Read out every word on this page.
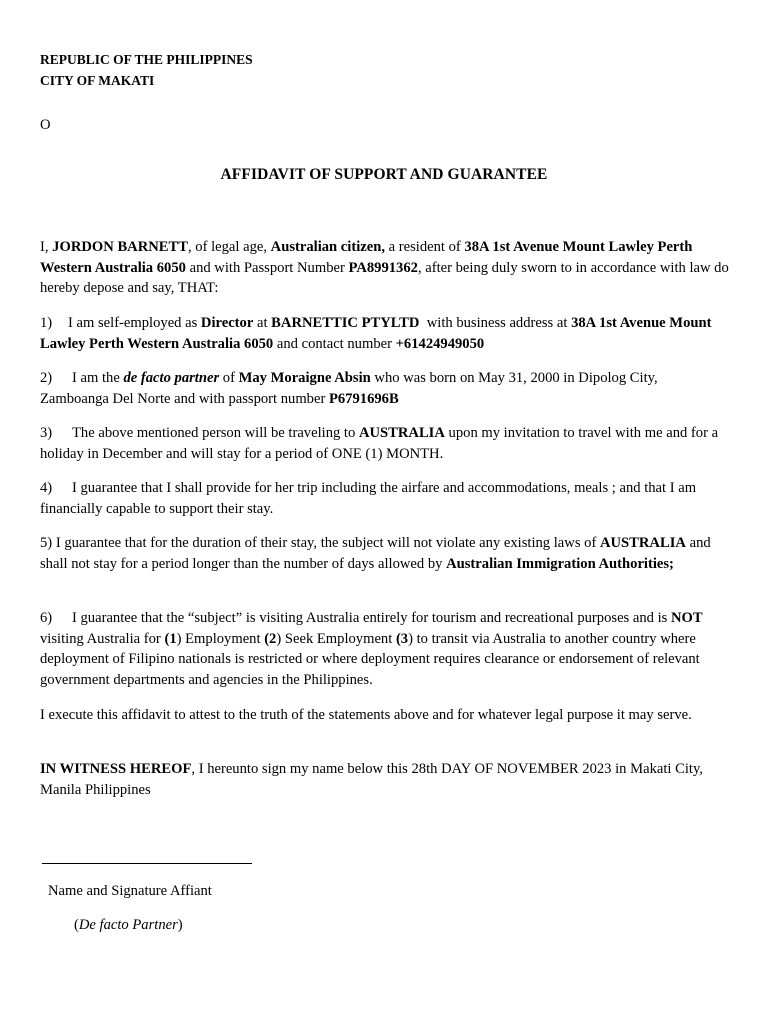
REPUBLIC OF THE PHILIPPINES

CITY OF MAKATI

O

AFFIDAVIT OF SUPPORT AND GUARANTEE

I, JORDON BARNETT, of legal age, Australian citizen, a resident of 38A 1st Avenue Mount Lawley Perth Western Australia 6050 and with Passport Number PA8991362, after being duly sworn to in accordance with law do hereby depose and say, THAT:

1) I am self-employed as Director at BARNETTIC PTYLTD  with business address at 38A 1st Avenue Mount Lawley Perth Western Australia 6050 and contact number +61424949050

2) I am the de facto partner of May Moraigne Absin who was born on May 31, 2000 in Dipolog City, Zamboanga Del Norte and with passport number P6791696B

3) The above mentioned person will be traveling to AUSTRALIA upon my invitation to travel with me and for a holiday in December and will stay for a period of ONE (1) MONTH.

4) I guarantee that I shall provide for her trip including the airfare and accommodations, meals ; and that I am financially capable to support their stay.

5) I guarantee that for the duration of their stay, the subject will not violate any existing laws of AUSTRALIA and shall not stay for a period longer than the number of days allowed by Australian Immigration Authorities;

6) I guarantee that the “subject” is visiting Australia entirely for tourism and recreational purposes and is NOT visiting Australia for (1) Employment (2) Seek Employment (3) to transit via Australia to another country where deployment of Filipino nationals is restricted or where deployment requires clearance or endorsement of relevant government departments and agencies in the Philippines.

I execute this affidavit to attest to the truth of the statements above and for whatever legal purpose it may serve.

IN WITNESS HEREOF, I hereunto sign my name below this 28th DAY OF NOVEMBER 2023 in Makati City, Manila Philippines

Name and Signature Affiant

(De facto Partner)
